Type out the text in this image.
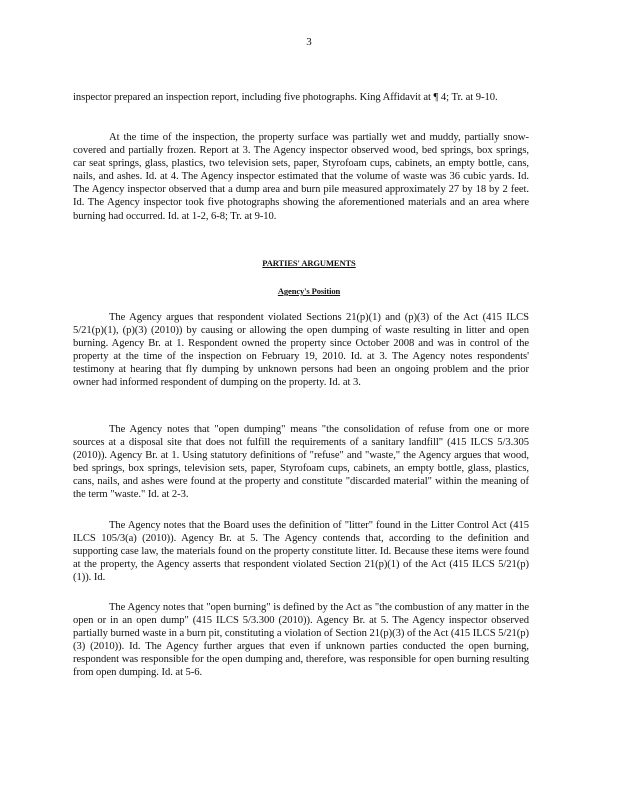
3

inspector prepared an inspection report, including five photographs. King Affidavit at ¶ 4; Tr. at 9-10.

At the time of the inspection, the property surface was partially wet and muddy, partially snow-covered and partially frozen. Report at 3. The Agency inspector observed wood, bed springs, box springs, car seat springs, glass, plastics, two television sets, paper, Styrofoam cups, cabinets, an empty bottle, cans, nails, and ashes. Id. at 4. The Agency inspector estimated that the volume of waste was 36 cubic yards. Id. The Agency inspector observed that a dump area and burn pile measured approximately 27 by 18 by 2 feet. Id. The Agency inspector took five photographs showing the aforementioned materials and an area where burning had occurred. Id. at 1-2, 6-8; Tr. at 9-10.

PARTIES' ARGUMENTS
Agency's Position

The Agency argues that respondent violated Sections 21(p)(1) and (p)(3) of the Act (415 ILCS 5/21(p)(1), (p)(3) (2010)) by causing or allowing the open dumping of waste resulting in litter and open burning. Agency Br. at 1. Respondent owned the property since October 2008 and was in control of the property at the time of the inspection on February 19, 2010. Id. at 3. The Agency notes respondents' testimony at hearing that fly dumping by unknown persons had been an ongoing problem and the prior owner had informed respondent of dumping on the property. Id. at 3.

The Agency notes that "open dumping" means "the consolidation of refuse from one or more sources at a disposal site that does not fulfill the requirements of a sanitary landfill" (415 ILCS 5/3.305 (2010)). Agency Br. at 1. Using statutory definitions of "refuse" and "waste," the Agency argues that wood, bed springs, box springs, television sets, paper, Styrofoam cups, cabinets, an empty bottle, glass, plastics, cans, nails, and ashes were found at the property and constitute "discarded material" within the meaning of the term "waste." Id. at 2-3.

The Agency notes that the Board uses the definition of "litter" found in the Litter Control Act (415 ILCS 105/3(a) (2010)). Agency Br. at 5. The Agency contends that, according to the definition and supporting case law, the materials found on the property constitute litter. Id. Because these items were found at the property, the Agency asserts that respondent violated Section 21(p)(1) of the Act (415 ILCS 5/21(p)(1)). Id.

The Agency notes that "open burning" is defined by the Act as "the combustion of any matter in the open or in an open dump" (415 ILCS 5/3.300 (2010)). Agency Br. at 5. The Agency inspector observed partially burned waste in a burn pit, constituting a violation of Section 21(p)(3) of the Act (415 ILCS 5/21(p)(3) (2010)). Id. The Agency further argues that even if unknown parties conducted the open burning, respondent was responsible for the open dumping and, therefore, was responsible for open burning resulting from open dumping. Id. at 5-6.
